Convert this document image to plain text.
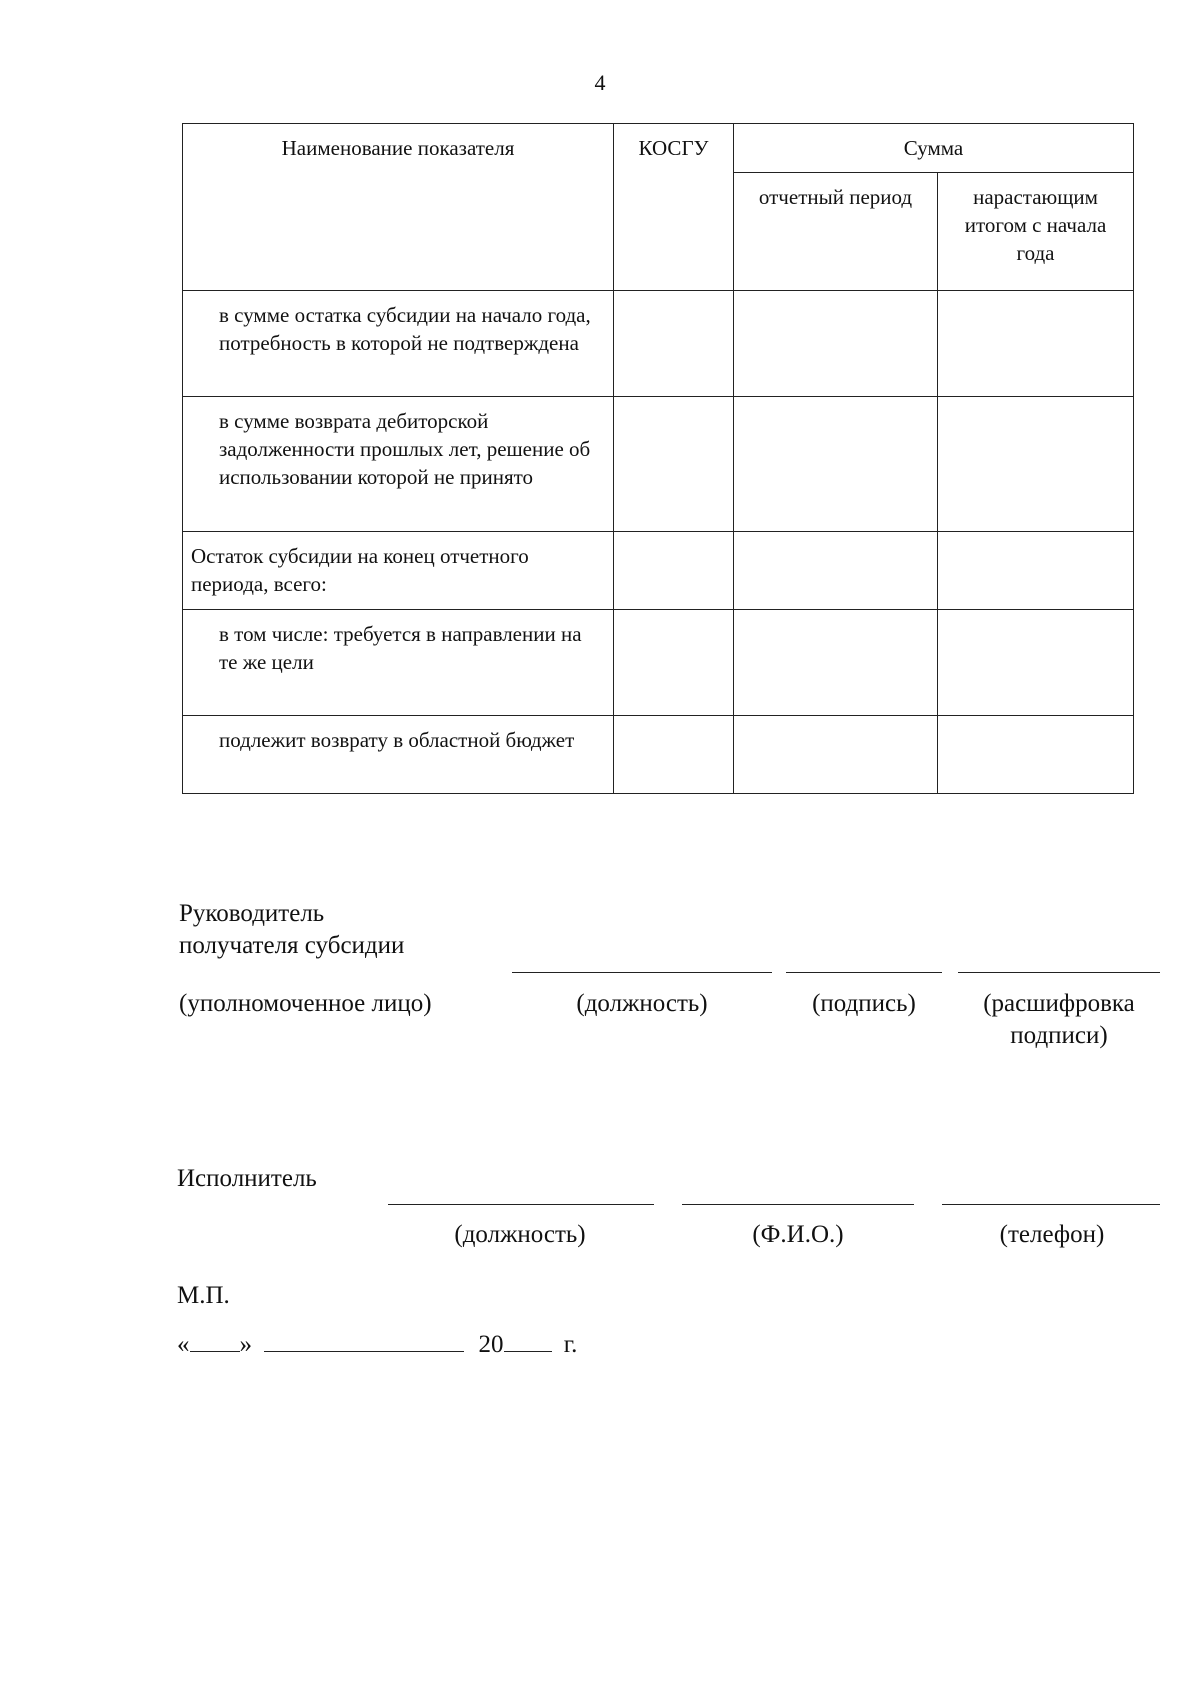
4
Наименование показателя	КОСГУ	Сумма	
		отчетный период	нарастающим итогом с начала года
в сумме остатка субсидии на начало года, потребность в которой не подтверждена			
в сумме возврата дебиторской задолженности прошлых лет, решение об использовании которой не принято			
Остаток субсидии на конец отчетного периода, всего:			
в том числе: требуется в направлении на те же цели			
подлежит возврату в областной бюджет			
Руководитель
получателя субсидии
(уполномоченное лицо)	(должность)	(подпись)	(расшифровка
подписи)
Исполнитель
(должность)	(Ф.И.О.)	(телефон)
М.П.
« »	20 г.
